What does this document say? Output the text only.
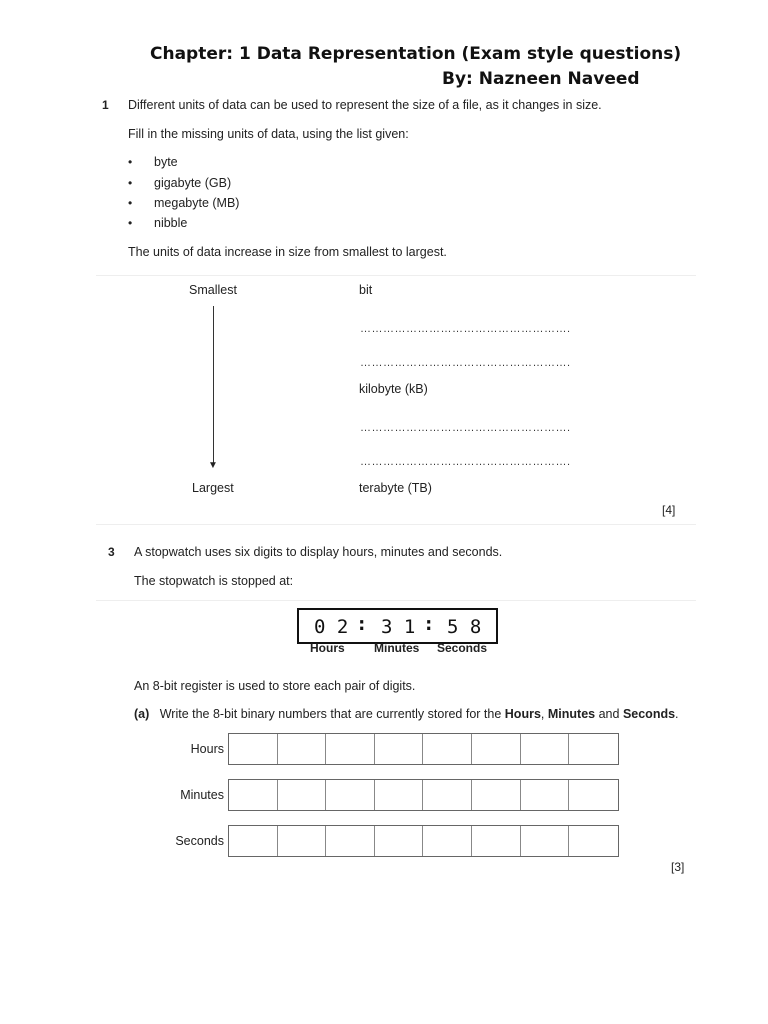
Chapter: 1 Data Representation (Exam style questions)
By: Nazneen Naveed
1 Different units of data can be used to represent the size of a file, as it changes in size.
Fill in the missing units of data, using the list given:
• byte
• gigabyte (GB)
• megabyte (MB)
• nibble
The units of data increase in size from smallest to largest.
Smallest
▼
Largest
bit
……………………………………………….
……………………………………………….
kilobyte (kB)
……………………………………………….
……………………………………………….
terabyte (TB)
[4]
3 A stopwatch uses six digits to display hours, minutes and seconds.
The stopwatch is stopped at:
0 2 : 3 1 : 5 8
Hours Minutes Seconds
An 8-bit register is used to store each pair of digits.
(a) Write the 8-bit binary numbers that are currently stored for the Hours, Minutes and Seconds.
Hours
Minutes
Seconds
[3]
